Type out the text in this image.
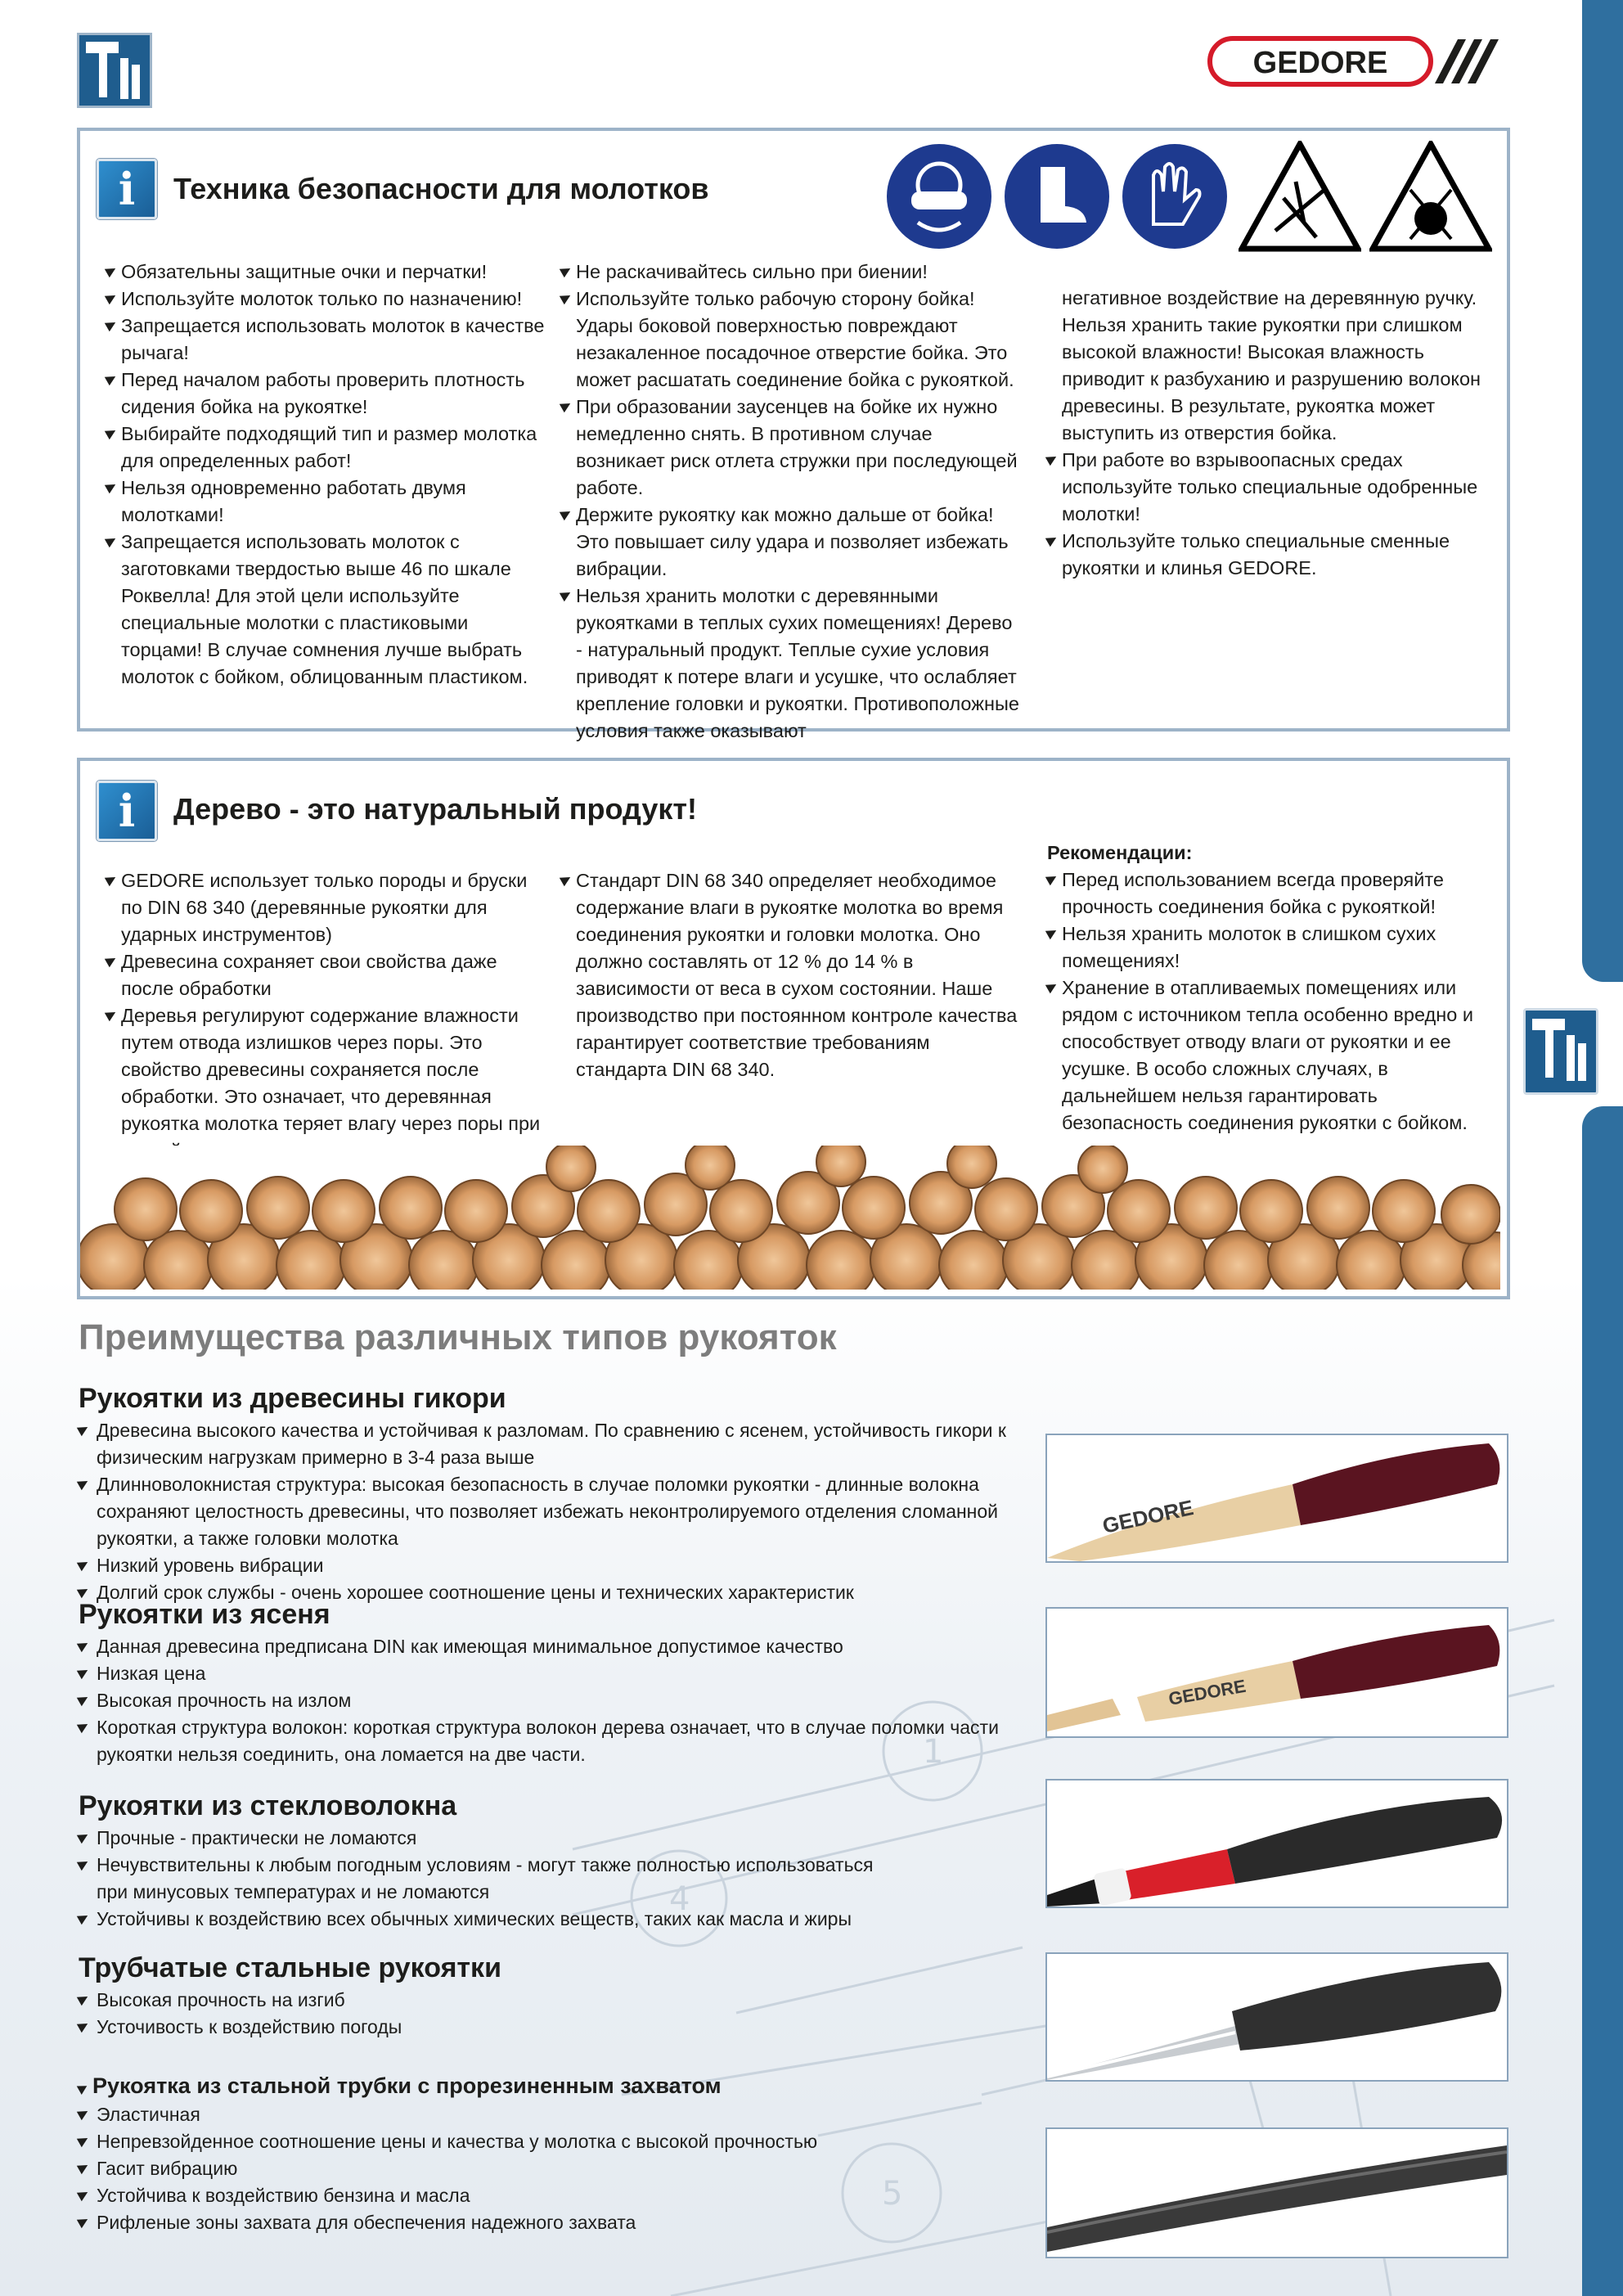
1
4
5
GEDORE
i	Техника безопасности для молотков
Обязательны защитные очки и перчатки!
Используйте молоток только по назначению!
Запрещается использовать молоток в качестве рычага!
Перед началом работы проверить плотность сидения бойка на рукоятке!
Выбирайте подходящий тип и размер молотка для определенных работ!
Нельзя одновременно работать двумя молотками!
Запрещается использовать молоток с заготовками твердостью выше 46 по шкале Роквелла! Для этой цели используйте специальные молотки с пластиковыми торцами! В случае сомнения лучше выбрать молоток с бойком, облицованным пластиком.
Не раскачивайтесь сильно при биении!
Используйте только рабочую сторону бойка! Удары боковой поверхностью повреждают незакаленное посадочное отверстие бойка. Это может расшатать соединение бойка с рукояткой.
При образовании заусенцев на бойке их нужно немедленно снять. В противном случае возникает риск отлета стружки при последующей работе.
Держите рукоятку как можно дальше от бойка! Это повышает силу удара и позволяет избежать вибрации.
Нельзя хранить молотки с деревянными рукоятками в теплых сухих помещениях! Дерево - натуральный продукт. Теплые сухие условия приводят к потере влаги и усушке, что ослабляет крепление головки и рукоятки. Противоположные условия также оказывают
негативное воздействие на деревянную ручку. Нельзя хранить такие рукоятки при слишком высокой влажности! Высокая влажность приводит к разбуханию и разрушению волокон древесины. В результате, рукоятка может выступить из отверстия бойка.
При работе во взрывоопасных средах используйте только специальные одобренные молотки!
Используйте только специальные сменные рукоятки и клинья GEDORE.
i	Дерево - это натуральный продукт!
GEDORE использует только породы и бруски по DIN 68 340 (деревянные рукоятки для ударных инструментов)
Древесина сохраняет свои свойства даже после обработки
Деревья регулируют содержание влажности путем отвода излишков через поры. Это свойство древесины сохраняется после обработки. Это означает, что деревянная рукоятка молотка теряет влагу через поры при
Стандарт DIN 68 340 определяет необходимое содержание влаги в рукоятке молотка во время соединения рукоятки и головки молотка. Оно должно составлять от 12 % до 14 % в зависимости от веса в сухом состоянии. Наше производство при постоянном контроле качества гарантирует соответствие требованиям стандарта DIN 68 340.
Рекомендации:
Перед использованием всегда проверяйте прочность соединения бойка с рукояткой!
Нельзя хранить молоток в слишком сухих помещениях!
Хранение в отапливаемых помещениях или рядом с источником тепла особенно вредно и способствует отводу влаги от рукоятки и ее усушке. В особо сложных случаях, в дальнейшем нельзя гарантировать безопасность соединения рукоятки с бойком.
Преимущества различных типов рукояток
Рукоятки из древесины гикори
Древесина высокого качества и устойчивая к разломам. По сравнению с ясенем, устойчивость гикори к физическим нагрузкам примерно в 3-4 раза выше
Длинноволокнистая структура: высокая безопасность в случае поломки рукоятки - длинные волокна сохраняют целостность древесины, что позволяет избежать неконтролируемого отделения сломанной рукоятки, а также головки молотка
Низкий уровень вибрации
Долгий срок службы - очень хорошее соотношение цены и технических характеристик
Рукоятки из ясеня
Данная древесина предписана DIN как имеющая минимальное допустимое качество
Низкая цена
Высокая прочность на излом
Короткая структура волокон: короткая структура волокон дерева означает, что в случае поломки части рукоятки нельзя соединить, она ломается на две части.
Рукоятки из стекловолокна
Прочные - практически не ломаются
Нечувствительны к любым погодным условиям - могут также полностью использоваться при минусовых температурах и не ломаются
Устойчивы к воздействию всех обычных химических веществ, таких как масла и жиры
Трубчатые стальные рукоятки
Высокая прочность на изгиб
Усточивость к воздействию погоды
Рукоятка из стальной трубки с прорезиненным захватом
Эластичная
Непревзойденное соотношение цены и качества у молотка с высокой прочностью
Гасит вибрацию
Устойчива к воздействию бензина и масла
Рифленые зоны захвата для обеспечения надежного захвата
GEDORE
GEDORE
